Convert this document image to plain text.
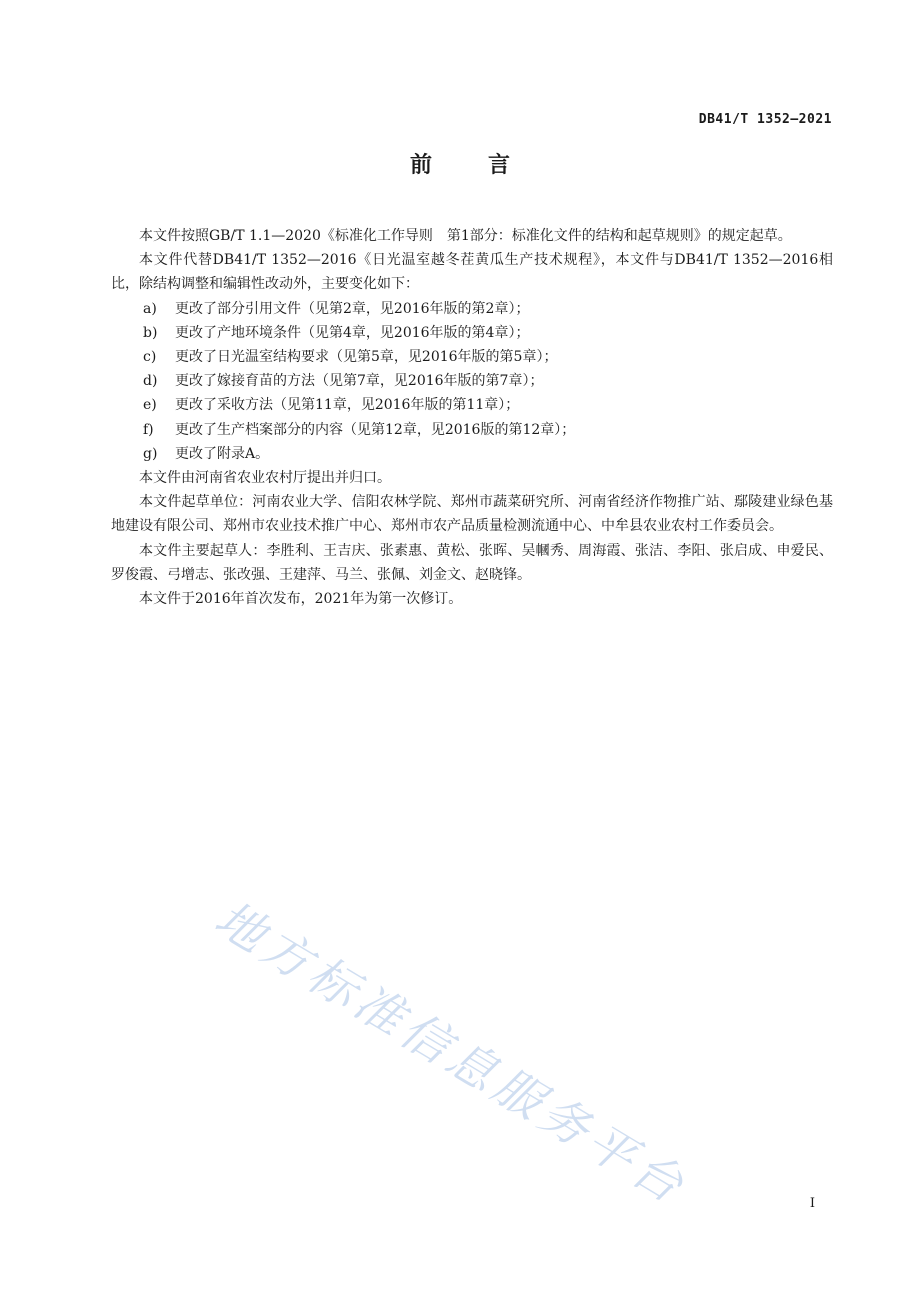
DB41/T 1352—2021
前言

本文件按照GB/T 1.1—2020《标准化工作导则　第1部分：标准化文件的结构和起草规则》的规定起草。

本文件代替DB41/T 1352—2016《日光温室越冬茬黄瓜生产技术规程》，本文件与DB41/T 1352—2016相比，除结构调整和编辑性改动外，主要变化如下：

a)	更改了部分引用文件（见第2章，见2016年版的第2章）；
b)	更改了产地环境条件（见第4章，见2016年版的第4章）；
c)	更改了日光温室结构要求（见第5章，见2016年版的第5章）；
d)	更改了嫁接育苗的方法（见第7章，见2016年版的第7章）；
e)	更改了采收方法（见第11章，见2016年版的第11章）；
f)	更改了生产档案部分的内容（见第12章，见2016版的第12章）；
g)	更改了附录A。

本文件由河南省农业农村厅提出并归口。

本文件起草单位：河南农业大学、信阳农林学院、郑州市蔬菜研究所、河南省经济作物推广站、鄢陵建业绿色基地建设有限公司、郑州市农业技术推广中心、郑州市农产品质量检测流通中心、中牟县农业农村工作委员会。

本文件主要起草人：李胜利、王吉庆、张素惠、黄松、张晖、吴幗秀、周海霞、张洁、李阳、张启成、申爱民、罗俊霞、弓增志、张改强、王建萍、马兰、张佩、刘金文、赵晓锋。

本文件于2016年首次发布，2021年为第一次修订。

地方标准信息服务平台	I
